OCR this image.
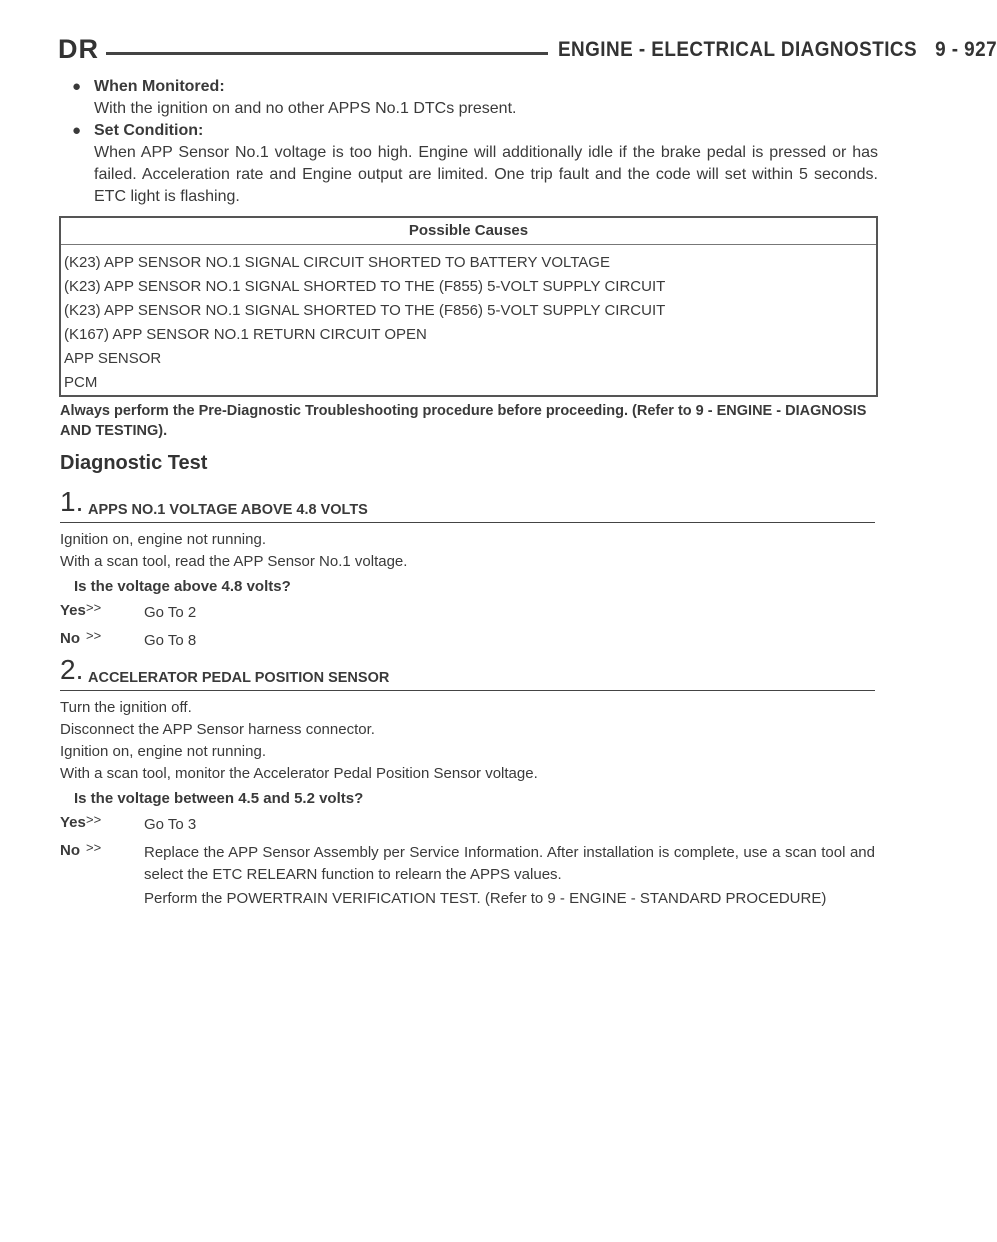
DR	ENGINE - ELECTRICAL DIAGNOSTICS 9 - 927
● When Monitored:
With the ignition on and no other APPS No.1 DTCs present.
● Set Condition:
When APP Sensor No.1 voltage is too high. Engine will additionally idle if the brake pedal is pressed or has failed. Acceleration rate and Engine output are limited. One trip fault and the code will set within 5 seconds. ETC light is flashing.
Possible Causes
(K23) APP SENSOR NO.1 SIGNAL CIRCUIT SHORTED TO BATTERY VOLTAGE
(K23) APP SENSOR NO.1 SIGNAL SHORTED TO THE (F855) 5-VOLT SUPPLY CIRCUIT
(K23) APP SENSOR NO.1 SIGNAL SHORTED TO THE (F856) 5-VOLT SUPPLY CIRCUIT
(K167) APP SENSOR NO.1 RETURN CIRCUIT OPEN
APP SENSOR
PCM
Always perform the Pre-Diagnostic Troubleshooting procedure before proceeding. (Refer to 9 - ENGINE - DIAGNOSIS AND TESTING).
Diagnostic Test
1. APPS NO.1 VOLTAGE ABOVE 4.8 VOLTS
Ignition on, engine not running.
With a scan tool, read the APP Sensor No.1 voltage.
Is the voltage above 4.8 volts?
Yes >>	Go To 2
No >>	Go To 8
2. ACCELERATOR PEDAL POSITION SENSOR
Turn the ignition off.
Disconnect the APP Sensor harness connector.
Ignition on, engine not running.
With a scan tool, monitor the Accelerator Pedal Position Sensor voltage.
Is the voltage between 4.5 and 5.2 volts?
Yes >>	Go To 3
No >>	Replace the APP Sensor Assembly per Service Information. After installation is complete, use a scan tool and select the ETC RELEARN function to relearn the APPS values.
Perform the POWERTRAIN VERIFICATION TEST. (Refer to 9 - ENGINE - STANDARD PROCEDURE)
